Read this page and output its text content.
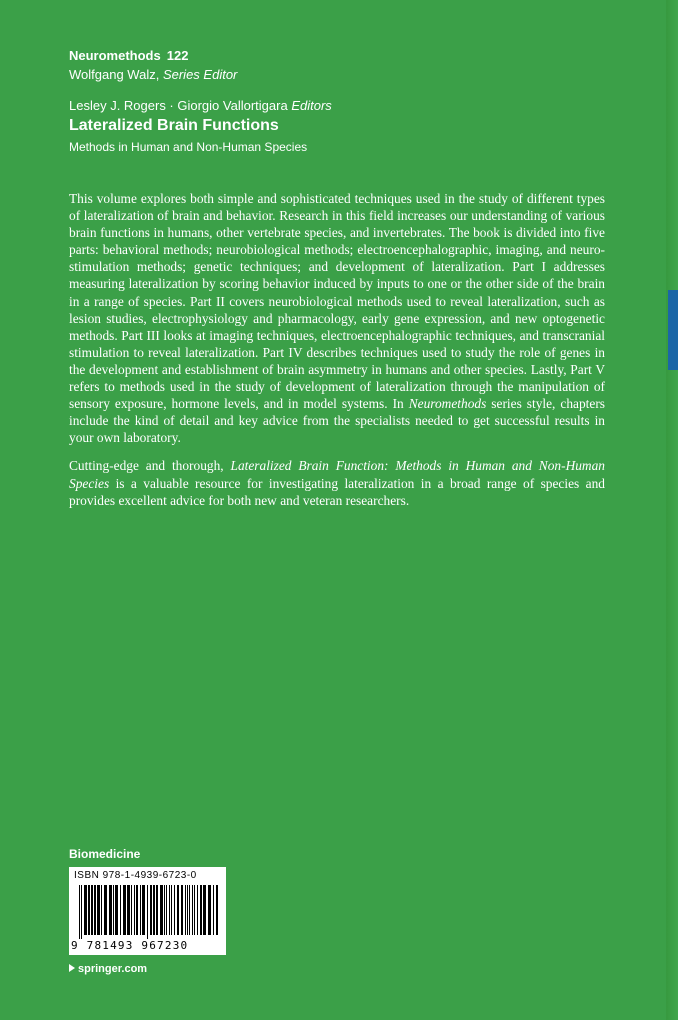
Neuromethods 122
Wolfgang Walz, Series Editor
Lesley J. Rogers · Giorgio Vallortigara Editors
Lateralized Brain Functions
Methods in Human and Non-Human Species

This volume explores both simple and sophisticated techniques used in the study of different types of lateralization of brain and behavior. Research in this field increases our understanding of various brain functions in humans, other vertebrate species, and invertebrates. The book is divided into five parts: behavioral methods; neurobiological methods; electroencephalographic, imaging, and neuro-stimulation methods; genetic techniques; and development of lateralization. Part I addresses measuring lateralization by scoring behavior induced by inputs to one or the other side of the brain in a range of species. Part II covers neurobiological methods used to reveal lateralization, such as lesion studies, electrophysiology and pharmacology, early gene expression, and new optogenetic methods. Part III looks at imaging techniques, electroencephalographic techniques, and transcranial stimulation to reveal lateralization. Part IV describes techniques used to study the role of genes in the development and establishment of brain asymmetry in humans and other species. Lastly, Part V refers to methods used in the study of development of lateralization through the manipulation of sensory exposure, hormone levels, and in model systems. In Neuromethods series style, chapters include the kind of detail and key advice from the specialists needed to get successful results in your own laboratory.

Cutting-edge and thorough, Lateralized Brain Function: Methods in Human and Non-Human Species is a valuable resource for investigating lateralization in a broad range of species and provides excellent advice for both new and veteran researchers.

Biomedicine
ISBN 978-1-4939-6723-0
9 781493 967230
springer.com
